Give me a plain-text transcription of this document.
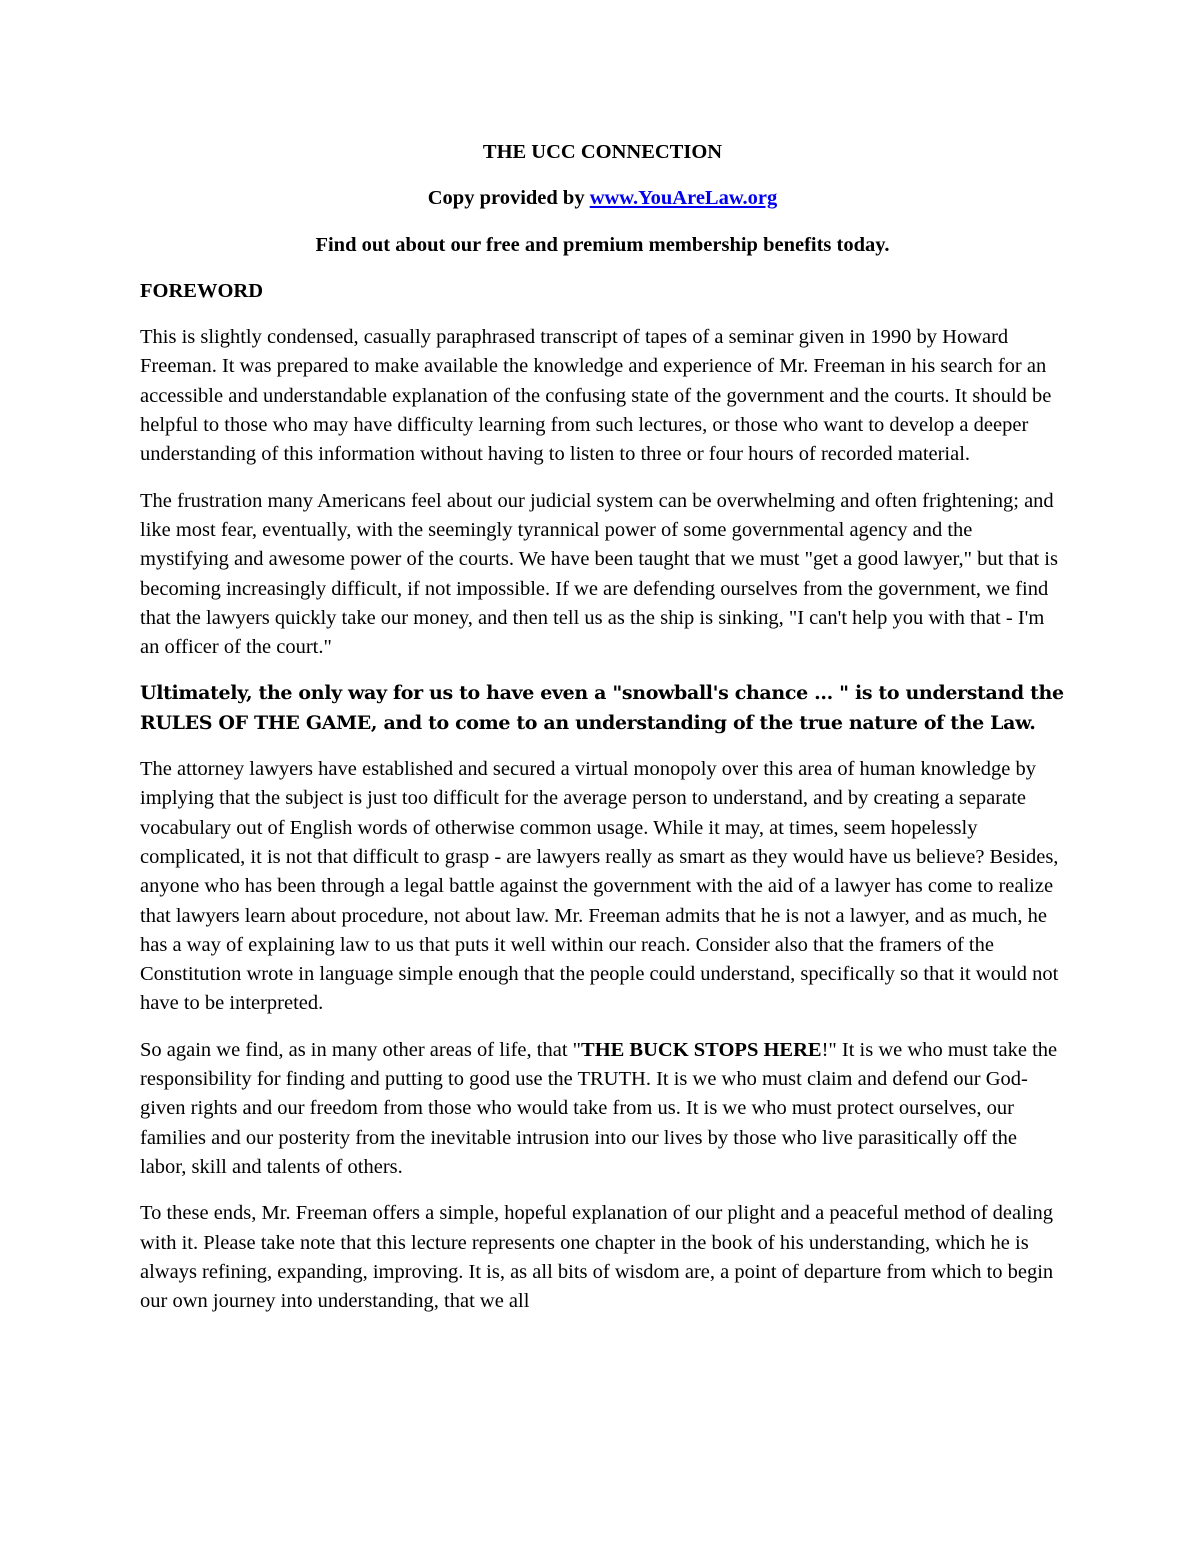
THE UCC CONNECTION
Copy provided by www.YouAreLaw.org
Find out about our free and premium membership benefits today.
FOREWORD

This is slightly condensed, casually paraphrased transcript of tapes of a seminar given in 1990 by Howard Freeman. It was prepared to make available the knowledge and experience of Mr. Freeman in his search for an accessible and understandable explanation of the confusing state of the government and the courts. It should be helpful to those who may have difficulty learning from such lectures, or those who want to develop a deeper understanding of this information without having to listen to three or four hours of recorded material.

The frustration many Americans feel about our judicial system can be overwhelming and often frightening; and like most fear, eventually, with the seemingly tyrannical power of some governmental agency and the mystifying and awesome power of the courts. We have been taught that we must "get a good lawyer," but that is becoming increasingly difficult, if not impossible. If we are defending ourselves from the government, we find that the lawyers quickly take our money, and then tell us as the ship is sinking, "I can't help you with that - I'm an officer of the court."

Ultimately, the only way for us to have even a "snowball's chance ... " is to understand the RULES OF THE GAME, and to come to an understanding of the true nature of the Law.

The attorney lawyers have established and secured a virtual monopoly over this area of human knowledge by implying that the subject is just too difficult for the average person to understand, and by creating a separate vocabulary out of English words of otherwise common usage. While it may, at times, seem hopelessly complicated, it is not that difficult to grasp - are lawyers really as smart as they would have us believe? Besides, anyone who has been through a legal battle against the government with the aid of a lawyer has come to realize that lawyers learn about procedure, not about law. Mr. Freeman admits that he is not a lawyer, and as much, he has a way of explaining law to us that puts it well within our reach. Consider also that the framers of the Constitution wrote in language simple enough that the people could understand, specifically so that it would not have to be interpreted.

So again we find, as in many other areas of life, that "THE BUCK STOPS HERE!" It is we who must take the responsibility for finding and putting to good use the TRUTH. It is we who must claim and defend our God-given rights and our freedom from those who would take from us. It is we who must protect ourselves, our families and our posterity from the inevitable intrusion into our lives by those who live parasitically off the labor, skill and talents of others.

To these ends, Mr. Freeman offers a simple, hopeful explanation of our plight and a peaceful method of dealing with it. Please take note that this lecture represents one chapter in the book of his understanding, which he is always refining, expanding, improving. It is, as all bits of wisdom are, a point of departure from which to begin our own journey into understanding, that we all
